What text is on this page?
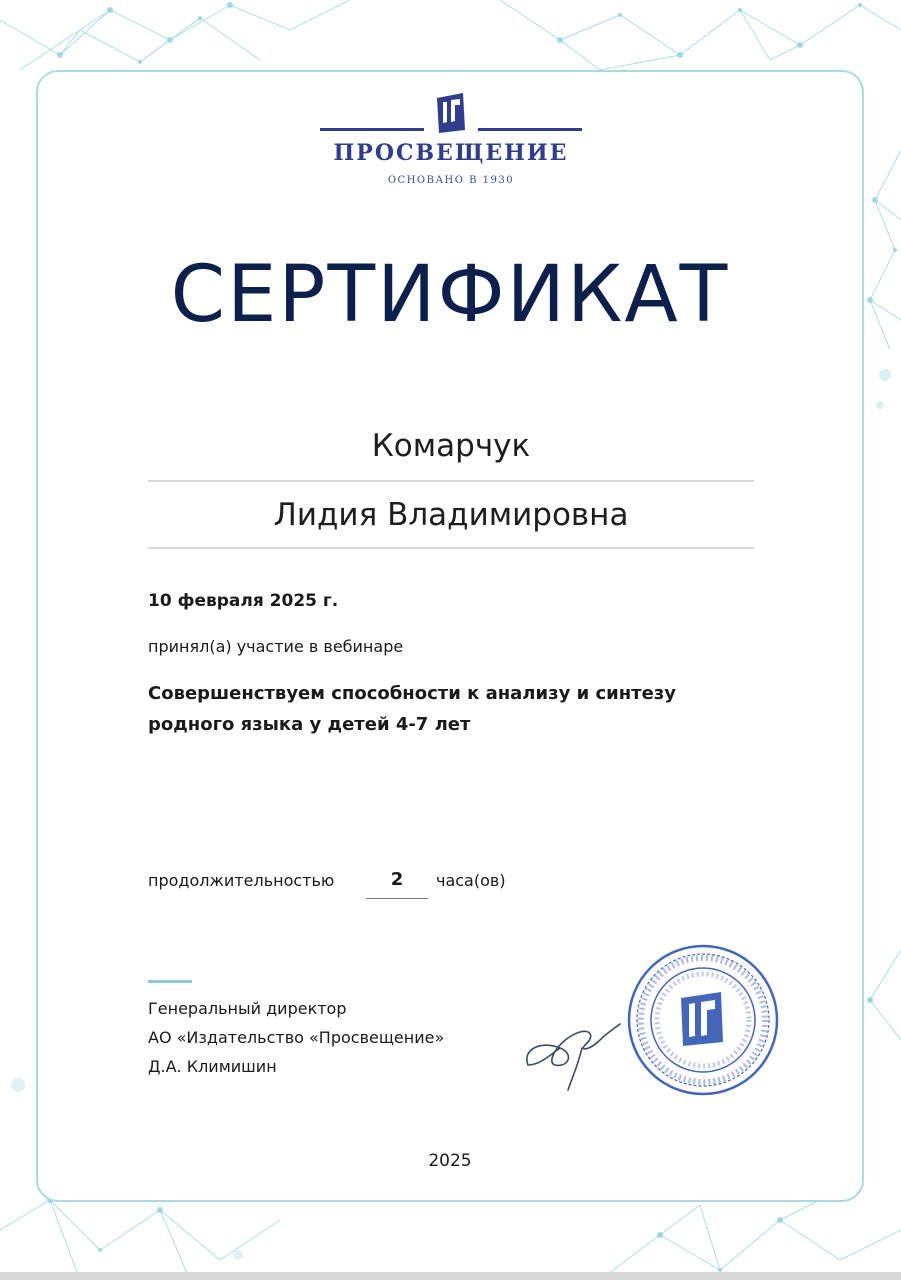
ПРОСВЕЩЕНИЕ
ОСНОВАНО В 1930
СЕРТИФИКАТ
Комарчук
Лидия Владимировна
10 февраля 2025 г.
принял(а) участие в вебинаре
Совершенствуем способности к анализу и синтезу родного языка у детей 4-7 лет
продолжительностью	2	часа(ов)
Генеральный директор
АО «Издательство «Просвещение»
Д.А. Климишин
2025
